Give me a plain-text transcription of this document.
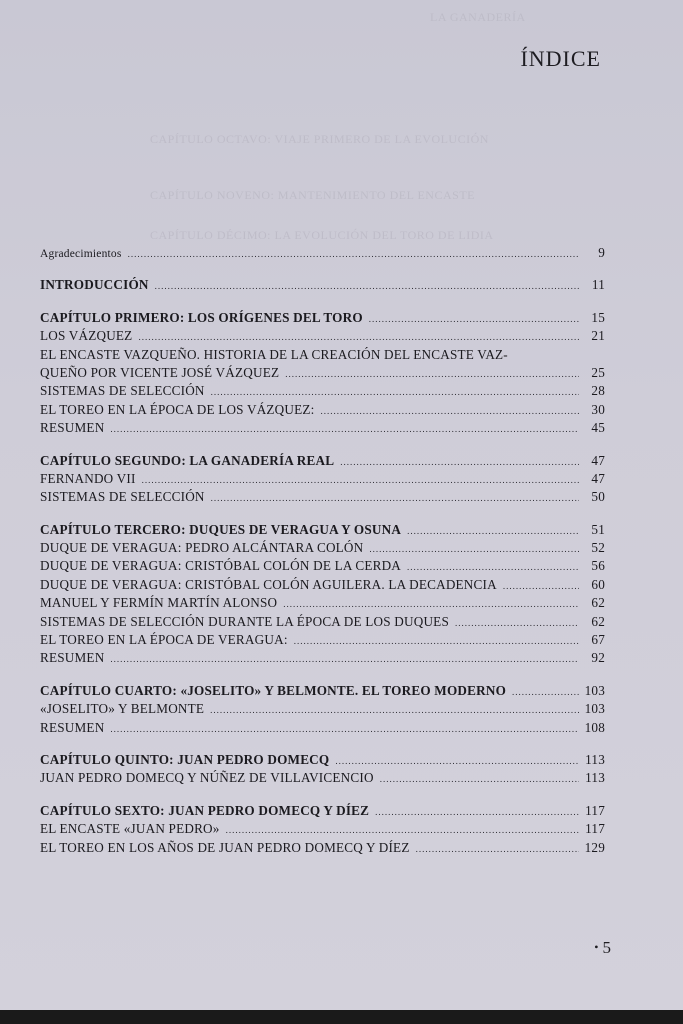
LA GANADERÍA
CAPÍTULO OCTAVO: VIAJE PRIMERO DE LA EVOLUCIÓN
CAPÍTULO NOVENO: MANTENIMIENTO DEL ENCASTE
CAPÍTULO DÉCIMO: LA EVOLUCIÓN DEL TORO DE LIDIA
ÍNDICE
Agradecimientos .....	9
INTRODUCCIÓN .....	11
CAPÍTULO PRIMERO: LOS ORÍGENES DEL TORO .....	15
LOS VÁZQUEZ .....	21
EL ENCASTE VAZQUEÑO. HISTORIA DE LA CREACIÓN DEL ENCASTE VAZ-
QUEÑO POR VICENTE JOSÉ VÁZQUEZ .....	25
SISTEMAS DE SELECCIÓN .....	28
EL TOREO EN LA ÉPOCA DE LOS VÁZQUEZ: .....	30
RESUMEN .....	45
CAPÍTULO SEGUNDO: LA GANADERÍA REAL .....	47
FERNANDO VII .....	47
SISTEMAS DE SELECCIÓN .....	50
CAPÍTULO TERCERO: DUQUES DE VERAGUA Y OSUNA .....	51
DUQUE DE VERAGUA: PEDRO ALCÁNTARA COLÓN .....	52
DUQUE DE VERAGUA: CRISTÓBAL COLÓN DE LA CERDA .....	56
DUQUE DE VERAGUA: CRISTÓBAL COLÓN AGUILERA. LA DECADENCIA .....	60
MANUEL Y FERMÍN MARTÍN ALONSO .....	62
SISTEMAS DE SELECCIÓN DURANTE LA ÉPOCA DE LOS DUQUES .....	62
EL TOREO EN LA ÉPOCA DE VERAGUA: .....	67
RESUMEN .....	92
CAPÍTULO CUARTO: «JOSELITO» Y BELMONTE. EL TOREO MODERNO .....	103
«JOSELITO» Y BELMONTE .....	103
RESUMEN .....	108
CAPÍTULO QUINTO: JUAN PEDRO DOMECQ .....	113
JUAN PEDRO DOMECQ Y NÚÑEZ DE VILLAVICENCIO .....	113
CAPÍTULO SEXTO: JUAN PEDRO DOMECQ Y DÍEZ .....	117
EL ENCASTE «JUAN PEDRO» .....	117
EL TOREO EN LOS AÑOS DE JUAN PEDRO DOMECQ Y DÍEZ .....	129
• 5
